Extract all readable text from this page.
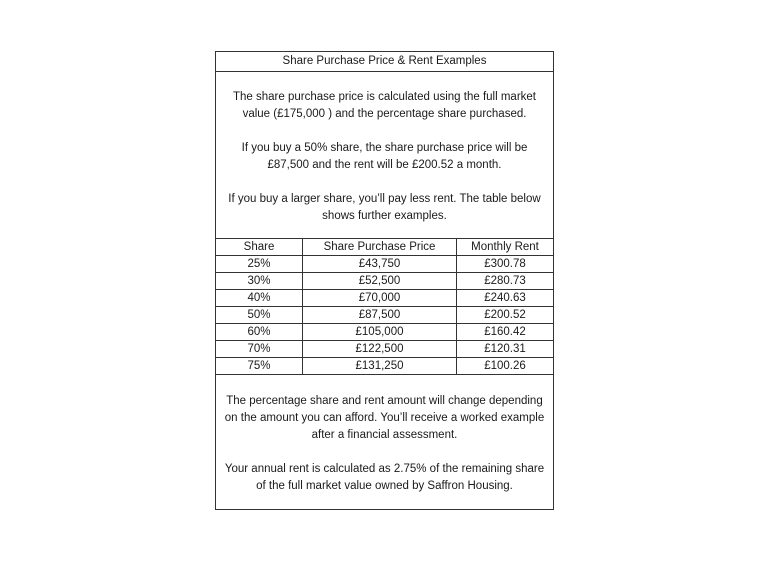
Share Purchase Price & Rent Examples

The share purchase price is calculated using the full market value (£175,000 ) and the percentage share purchased.

If you buy a 50% share, the share purchase price will be £87,500 and the rent will be £200.52 a month.

If you buy a larger share, you’ll pay less rent. The table below shows further examples.

Share	Share Purchase Price	Monthly Rent
25%	£43,750	£300.78
30%	£52,500	£280.73
40%	£70,000	£240.63
50%	£87,500	£200.52
60%	£105,000	£160.42
70%	£122,500	£120.31
75%	£131,250	£100.26

The percentage share and rent amount will change depending on the amount you can afford. You’ll receive a worked example after a financial assessment.

Your annual rent is calculated as 2.75% of the remaining share of the full market value owned by Saffron Housing.
